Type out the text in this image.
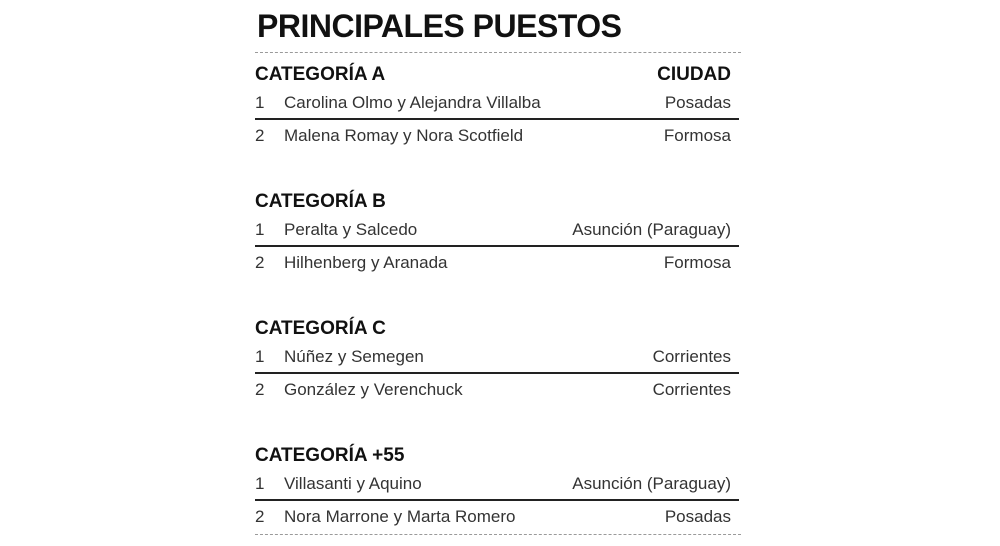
PRINCIPALES PUESTOS
CATEGORÍA A	CIUDAD
1	Carolina Olmo y Alejandra Villalba	Posadas
2	Malena Romay y Nora Scotfield	Formosa
CATEGORÍA B
1	Peralta y Salcedo	Asunción (Paraguay)
2	Hilhenberg y Aranada	Formosa
CATEGORÍA C
1	Núñez y Semegen	Corrientes
2	González y Verenchuck	Corrientes
CATEGORÍA +55
1	Villasanti y Aquino	Asunción (Paraguay)
2	Nora Marrone y Marta Romero	Posadas
